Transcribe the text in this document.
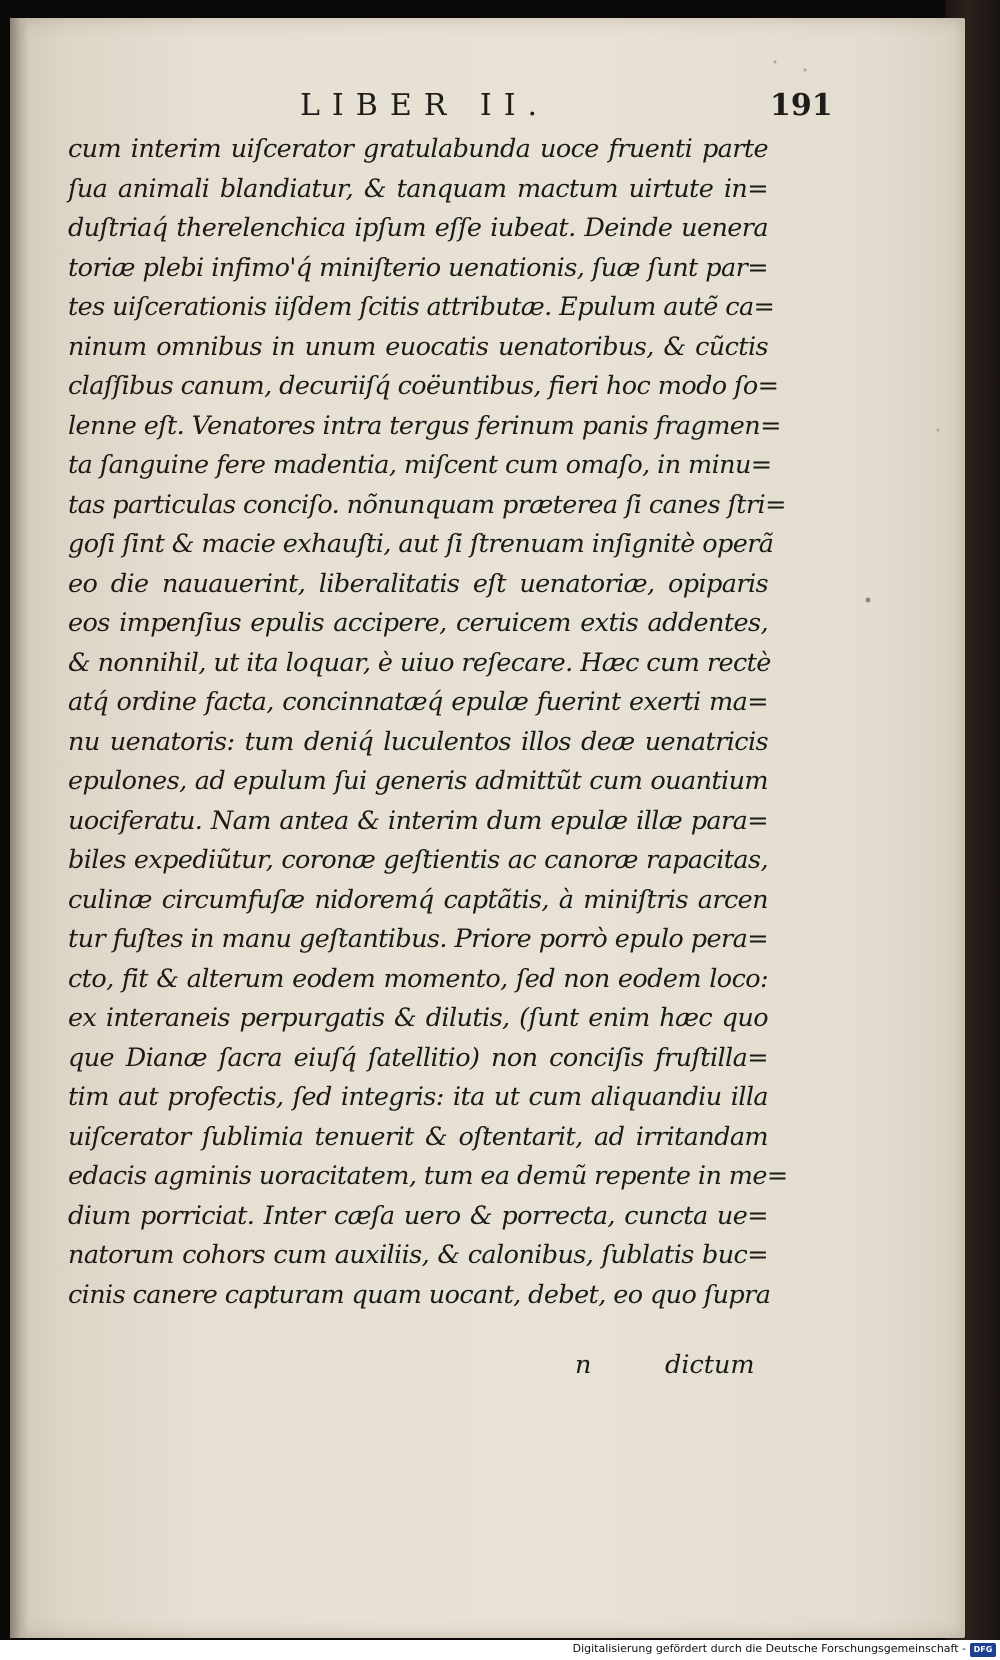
LIBER II.	191
cum interim uiſcerator gratulabunda uoce fruenti parte
ſua animali blandiatur, & tanquam mactum uirtute in=
duſtriaq́ therelenchica ipſum eſſe iubeat. Deinde uenera
toriæ plebi infimo'q́ miniſterio uenationis, ſuæ ſunt par=
tes uiſcerationis iiſdem ſcitis attributæ. Epulum autẽ ca=
ninum omnibus in unum euocatis uenatoribus, & cũctis
claſſibus canum, decuriiſq́ coëuntibus, fieri hoc modo ſo=
lenne eſt. Venatores intra tergus ferinum panis fragmen=
ta ſanguine fere madentia, miſcent cum omaſo, in minu=
tas particulas conciſo. nõnunquam præterea ſi canes ſtri=
goſi ſint & macie exhauſti, aut ſi ſtrenuam inſignitè operã
eo die nauauerint, liberalitatis eſt uenatoriæ, opiparis
eos impenſius epulis accipere, ceruicem extis addentes,
& nonnihil, ut ita loquar, è uiuo reſecare. Hæc cum rectè
atq́ ordine facta, concinnatæq́ epulæ fuerint exerti ma=
nu uenatoris: tum deniq́ luculentos illos deæ uenatricis
epulones, ad epulum ſui generis admittũt cum ouantium
uociferatu. Nam antea & interim dum epulæ illæ para=
biles expediũtur, coronæ geſtientis ac canoræ rapacitas,
culinæ circumfuſæ nidoremq́ captãtis, à miniſtris arcen
tur fuſtes in manu geſtantibus. Priore porrò epulo pera=
cto, fit & alterum eodem momento, ſed non eodem loco:
ex interaneis perpurgatis & dilutis, (ſunt enim hæc quo
que Dianæ ſacra eiuſq́ ſatellitio) non conciſis fruſtilla=
tim aut profectis, ſed integris: ita ut cum aliquandiu illa
uiſcerator ſublimia tenuerit & oſtentarit, ad irritandam
edacis agminis uoracitatem, tum ea demũ repente in me=
dium porriciat. Inter cæſa uero & porrecta, cuncta ue=
natorum cohors cum auxiliis, & calonibus, ſublatis buc=
cinis canere capturam quam uocant, debet, eo quo ſupra
n	dictum
Digitalisierung gefördert durch die Deutsche Forschungsgemeinschaft - DFG
